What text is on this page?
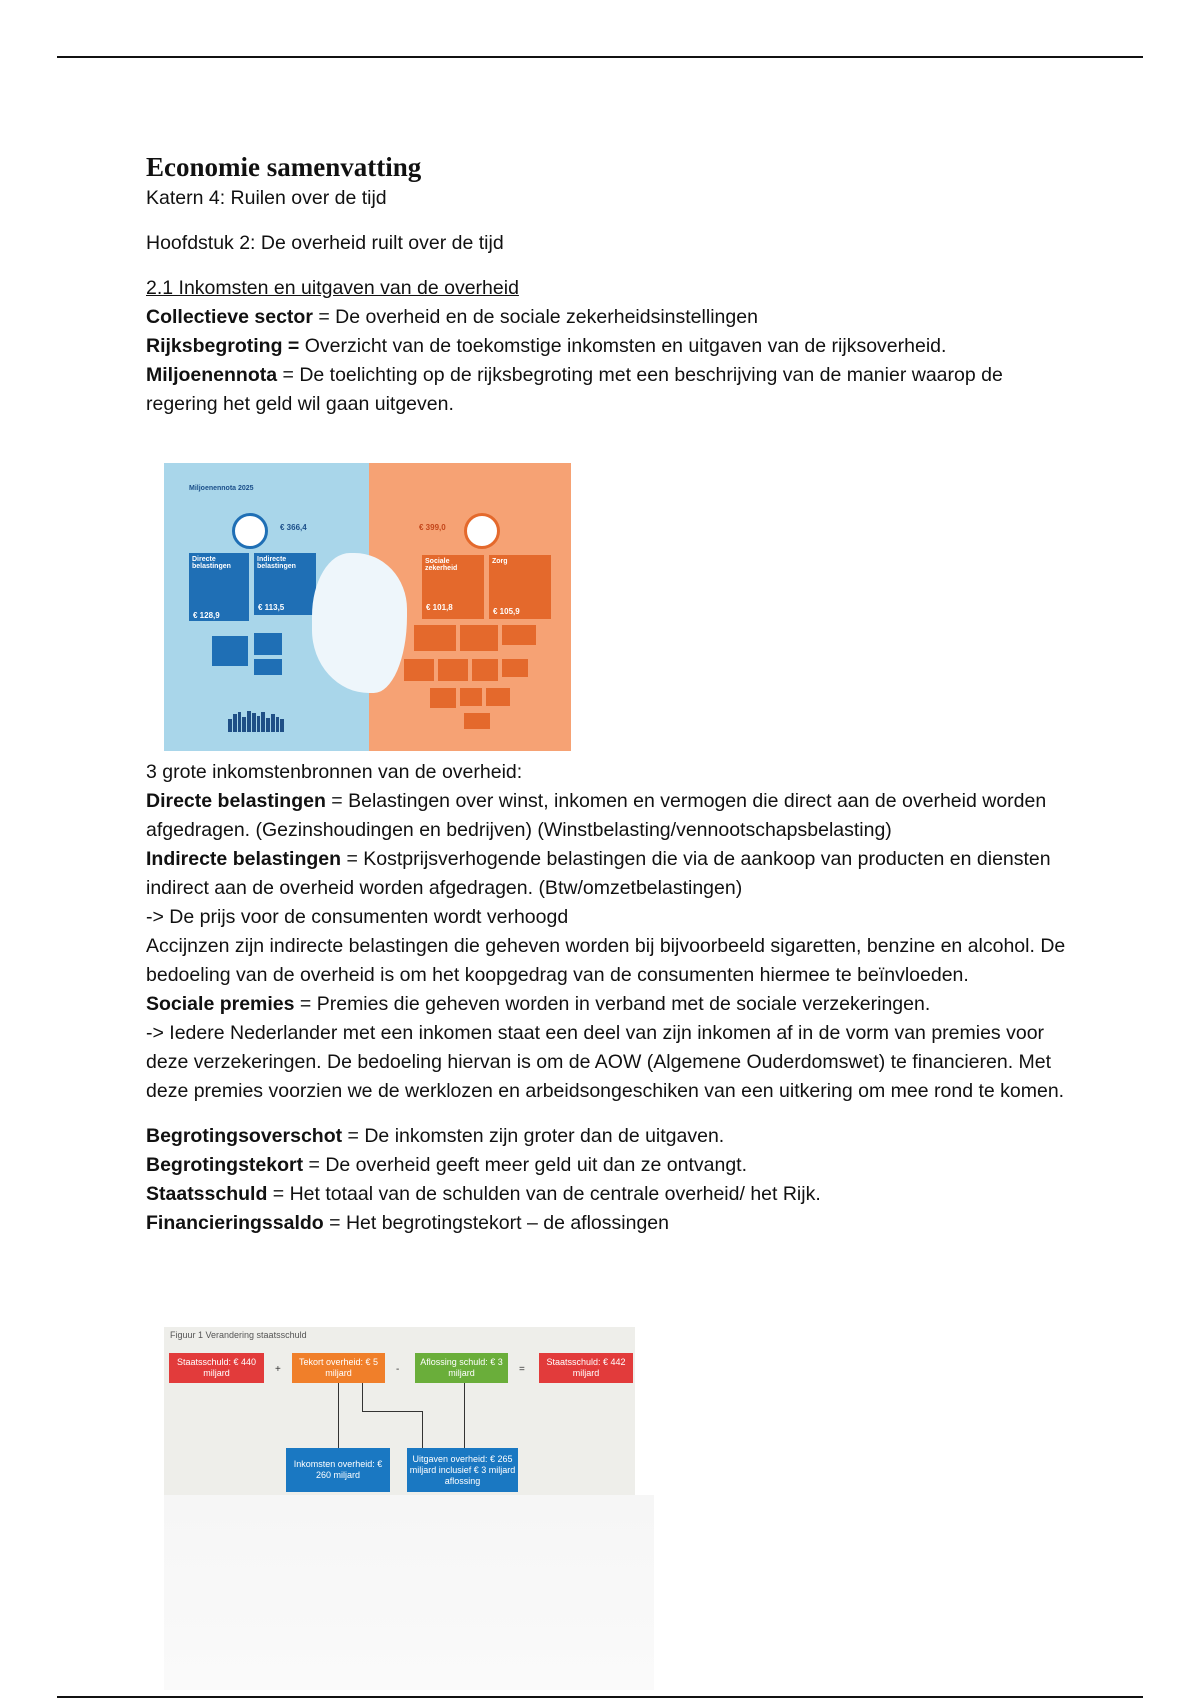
Economie samenvatting

Katern 4: Ruilen over de tijd

Hoofdstuk 2: De overheid ruilt over de tijd

2.1 Inkomsten en uitgaven van de overheid

Collectieve sector = De overheid en de sociale zekerheidsinstellingen

Rijksbegroting = Overzicht van de toekomstige inkomsten en uitgaven van de rijksoverheid.

Miljoenennota = De toelichting op de rijksbegroting met een beschrijving van de manier waarop de regering het geld wil gaan uitgeven.

3 grote inkomstenbronnen van de overheid:

Directe belastingen = Belastingen over winst, inkomen en vermogen die direct aan de overheid worden afgedragen. (Gezinshoudingen en bedrijven) (Winstbelasting/vennootschapsbelasting)

Indirecte belastingen = Kostprijsverhogende belastingen die via de aankoop van producten en diensten indirect aan de overheid worden afgedragen. (Btw/omzetbelastingen)

-> De prijs voor de consumenten wordt verhoogd

Accijnzen zijn indirecte belastingen die geheven worden bij bijvoorbeeld sigaretten, benzine en alcohol. De bedoeling van de overheid is om het koopgedrag van de consumenten hiermee te beïnvloeden.

Sociale premies = Premies die geheven worden in verband met de sociale verzekeringen.

-> Iedere Nederlander met een inkomen staat een deel van zijn inkomen af in de vorm van premies voor deze verzekeringen. De bedoeling hiervan is om de AOW (Algemene Ouderdomswet) te financieren. Met deze premies voorzien we de werklozen en arbeidsongeschiken van een uitkering om mee rond te komen.

Begrotingsoverschot = De inkomsten zijn groter dan de uitgaven.

Begrotingstekort = De overheid geeft meer geld uit dan ze ontvangt.

Staatsschuld = Het totaal van de schulden van de centrale overheid/ het Rijk.

Financieringssaldo = Het begrotingstekort – de aflossingen

Miljoenennota 2025
€ 366,4	€ 399,0
Directe belastingen
€ 128,9
Indirecte belastingen
€ 113,5
Sociale zekerheid
€ 101,8
Zorg
€ 105,9
Figuur 1 Verandering staatsschuld
Staatsschuld: € 440 miljard	+
Tekort overheid: € 5 miljard	-
Aflossing schuld: € 3 miljard	=
Staatsschuld: € 442 miljard
Inkomsten overheid: € 260 miljard
Uitgaven overheid: € 265 miljard inclusief € 3 miljard aflossing
